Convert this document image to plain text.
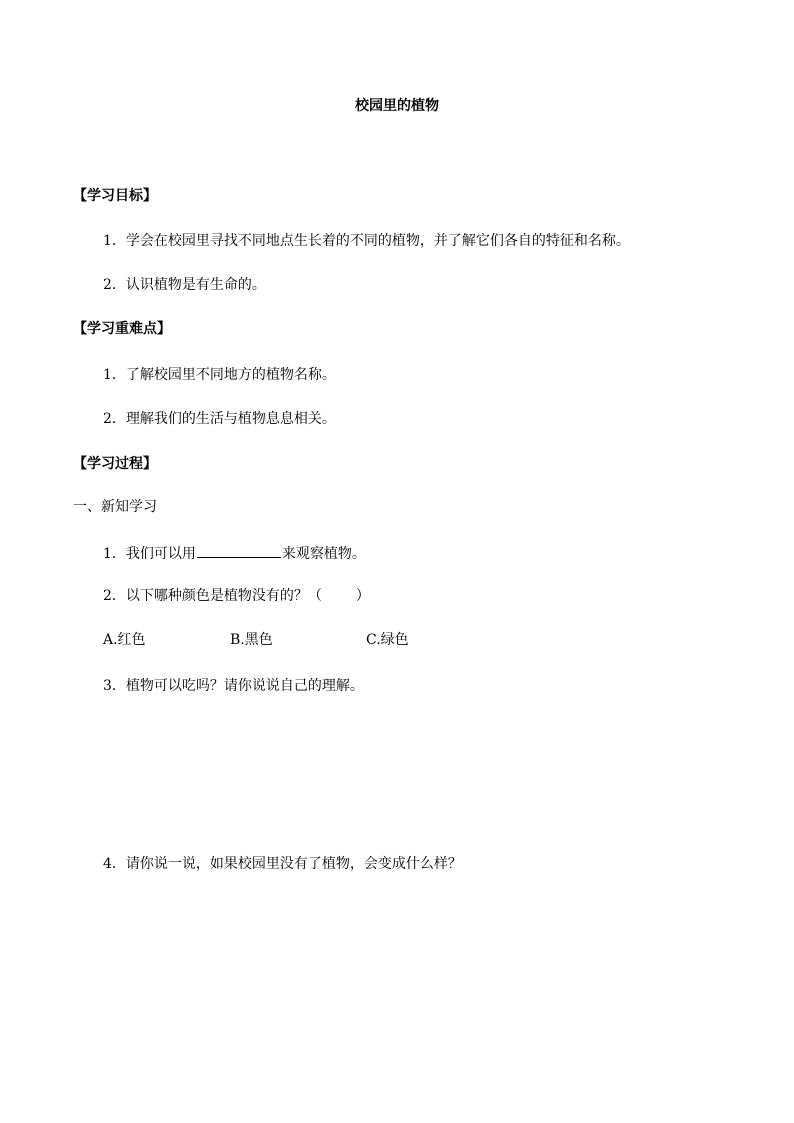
校园里的植物
【学习目标】
1．学会在校园里寻找不同地点生长着的不同的植物，并了解它们各自的特征和名称。
2．认识植物是有生命的。
【学习重难点】
1．了解校园里不同地方的植物名称。
2．理解我们的生活与植物息息相关。
【学习过程】
一、新知学习
1．我们可以用	来观察植物。
2．以下哪种颜色是植物没有的？（ ）
A.红色	B.黑色	C.绿色
3．植物可以吃吗？请你说说自己的理解。
4．请你说一说，如果校园里没有了植物，会变成什么样？
